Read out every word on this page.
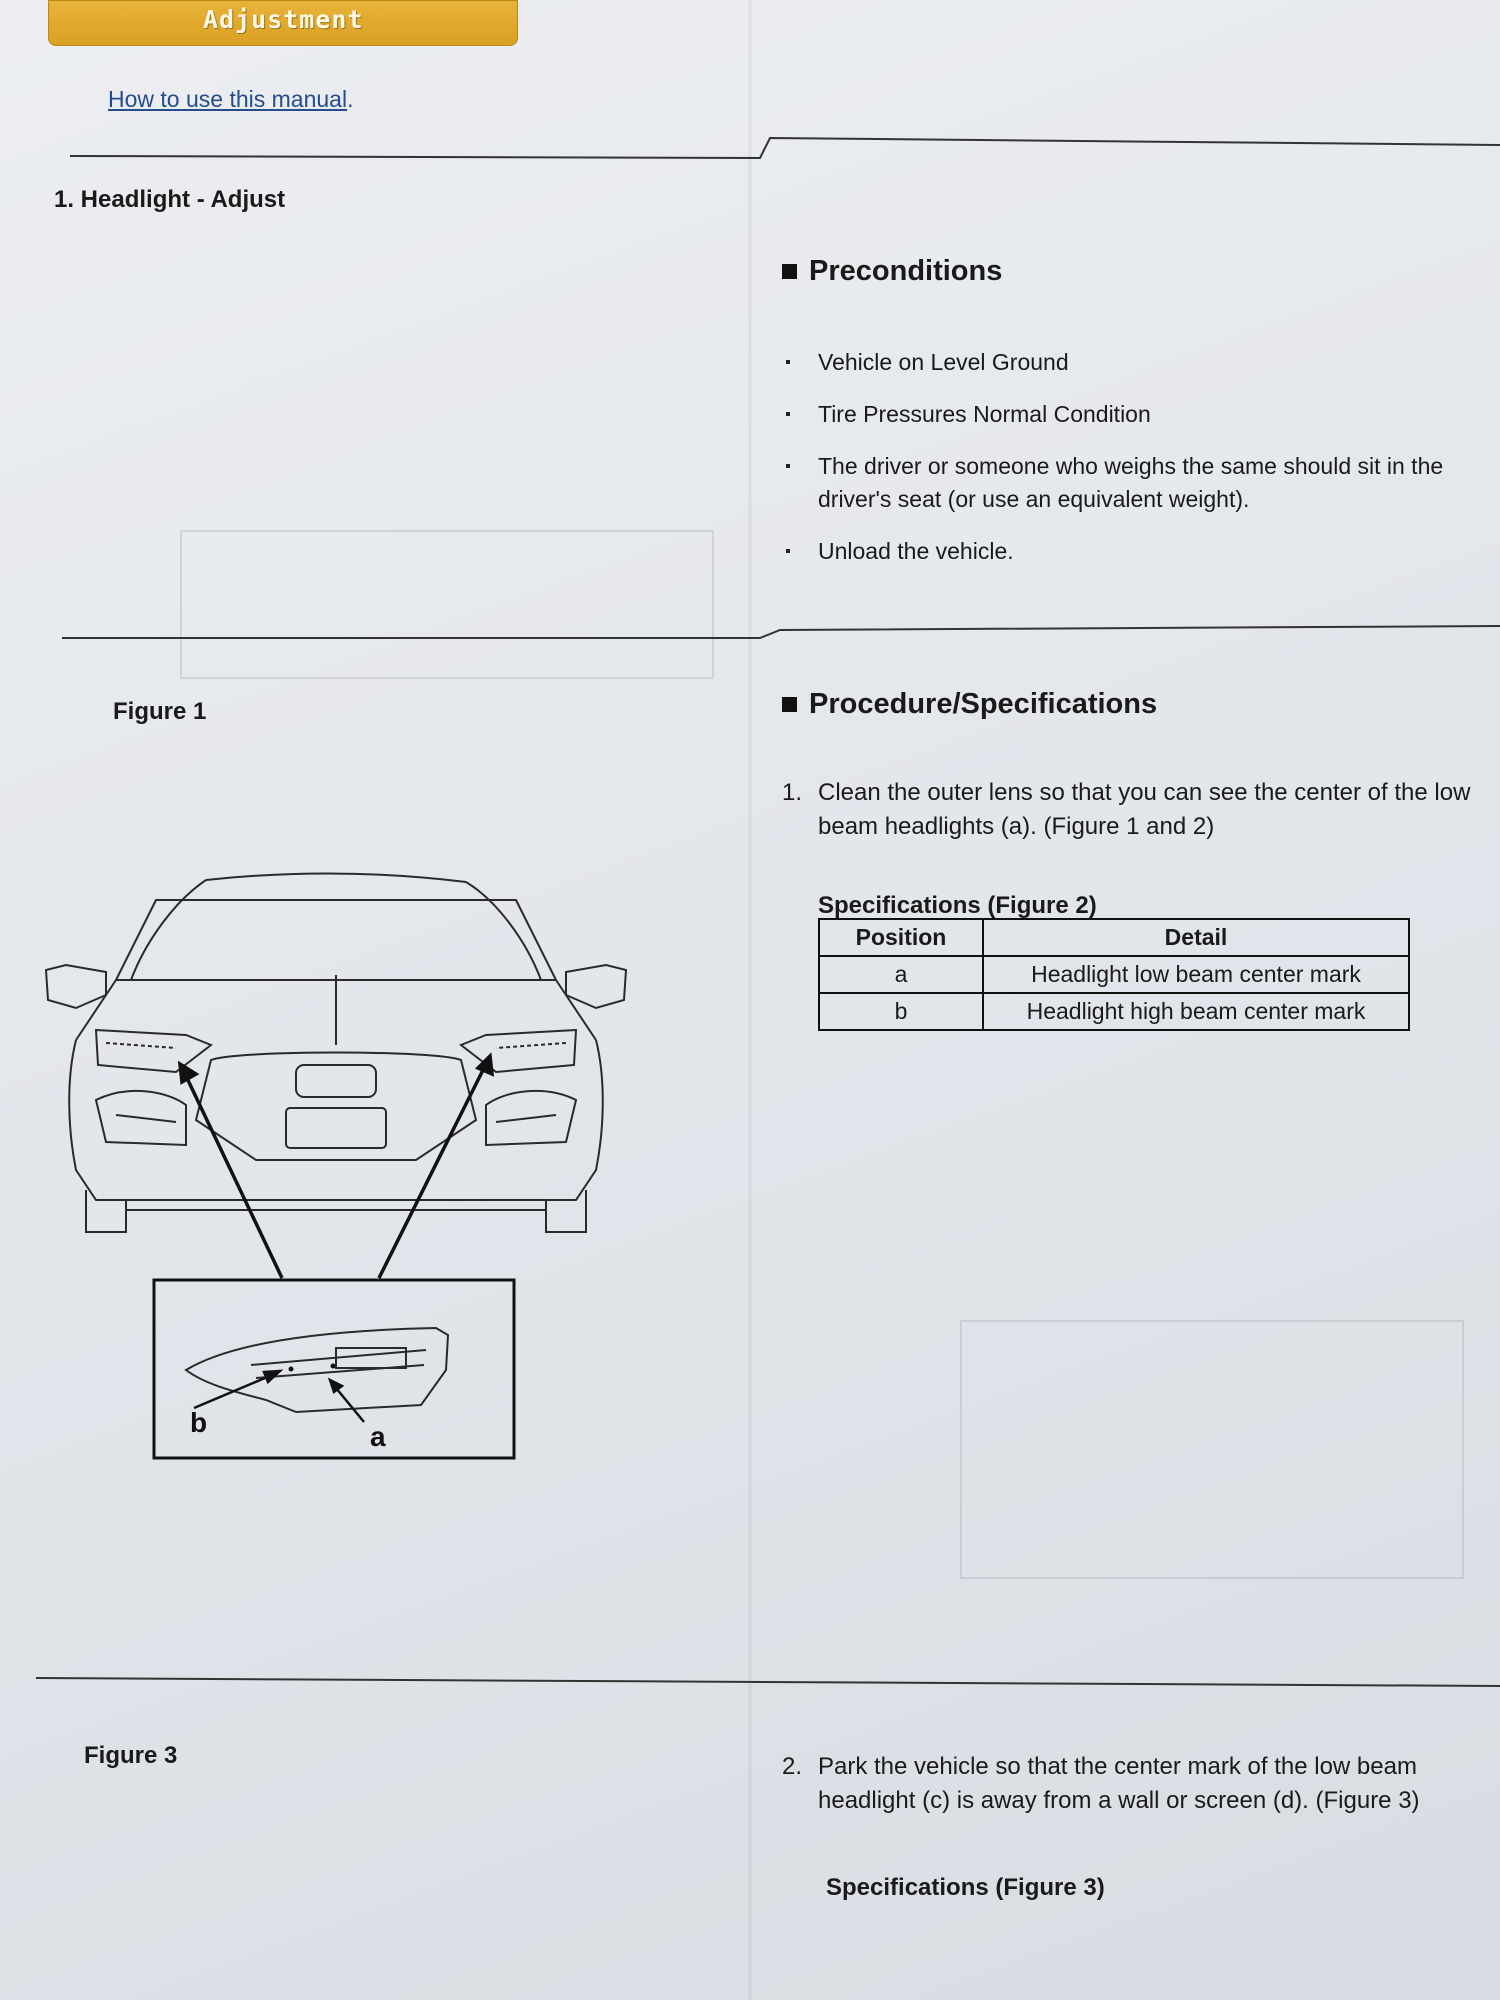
Adjustment
How to use this manual.
1. Headlight - Adjust
Figure 1
b	a
Figure 3
Preconditions
Vehicle on Level Ground
Tire Pressures Normal Condition
The driver or someone who weighs the same should sit in the driver's seat (or use an equivalent weight).
Unload the vehicle.
Procedure/Specifications
1. Clean the outer lens so that you can see the center of the low beam headlights (a). (Figure 1 and 2)
Specifications (Figure 2)
Position	Detail
a	Headlight low beam center mark
b	Headlight high beam center mark
2. Park the vehicle so that the center mark of the low beam headlight (c) is away from a wall or screen (d). (Figure 3)
Specifications (Figure 3)
